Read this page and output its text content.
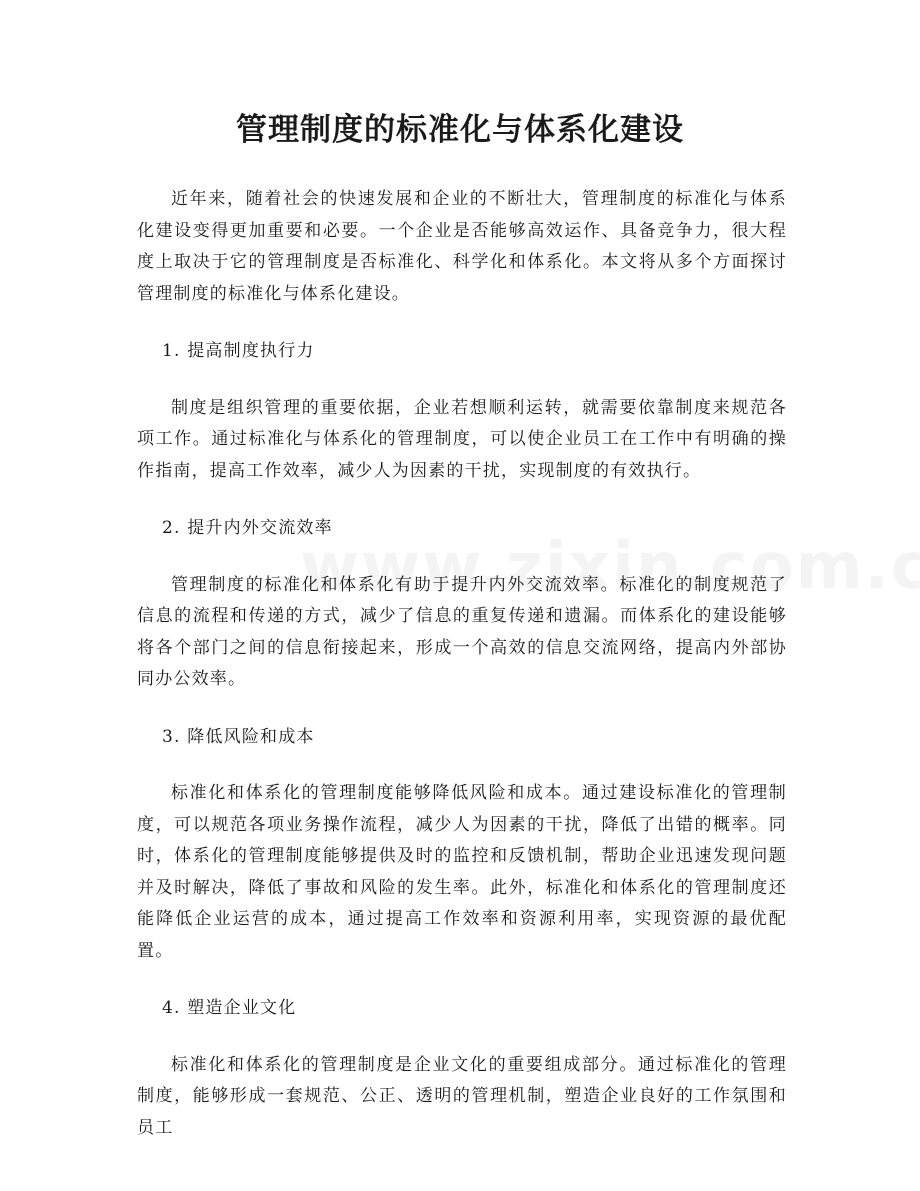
管理制度的标准化与体系化建设

近年来，随着社会的快速发展和企业的不断壮大，管理制度的标准化与体系化建设变得更加重要和必要。一个企业是否能够高效运作、具备竞争力，很大程度上取决于它的管理制度是否标准化、科学化和体系化。本文将从多个方面探讨管理制度的标准化与体系化建设。

1. 提高制度执行力

制度是组织管理的重要依据，企业若想顺利运转，就需要依靠制度来规范各项工作。通过标准化与体系化的管理制度，可以使企业员工在工作中有明确的操作指南，提高工作效率，减少人为因素的干扰，实现制度的有效执行。

2. 提升内外交流效率

管理制度的标准化和体系化有助于提升内外交流效率。标准化的制度规范了信息的流程和传递的方式，减少了信息的重复传递和遗漏。而体系化的建设能够将各个部门之间的信息衔接起来，形成一个高效的信息交流网络，提高内外部协同办公效率。

3. 降低风险和成本

标准化和体系化的管理制度能够降低风险和成本。通过建设标准化的管理制度，可以规范各项业务操作流程，减少人为因素的干扰，降低了出错的概率。同时，体系化的管理制度能够提供及时的监控和反馈机制，帮助企业迅速发现问题并及时解决，降低了事故和风险的发生率。此外，标准化和体系化的管理制度还能降低企业运营的成本，通过提高工作效率和资源利用率，实现资源的最优配置。

4. 塑造企业文化

标准化和体系化的管理制度是企业文化的重要组成部分。通过标准化的管理制度，能够形成一套规范、公正、透明的管理机制，塑造企业良好的工作氛围和员工
